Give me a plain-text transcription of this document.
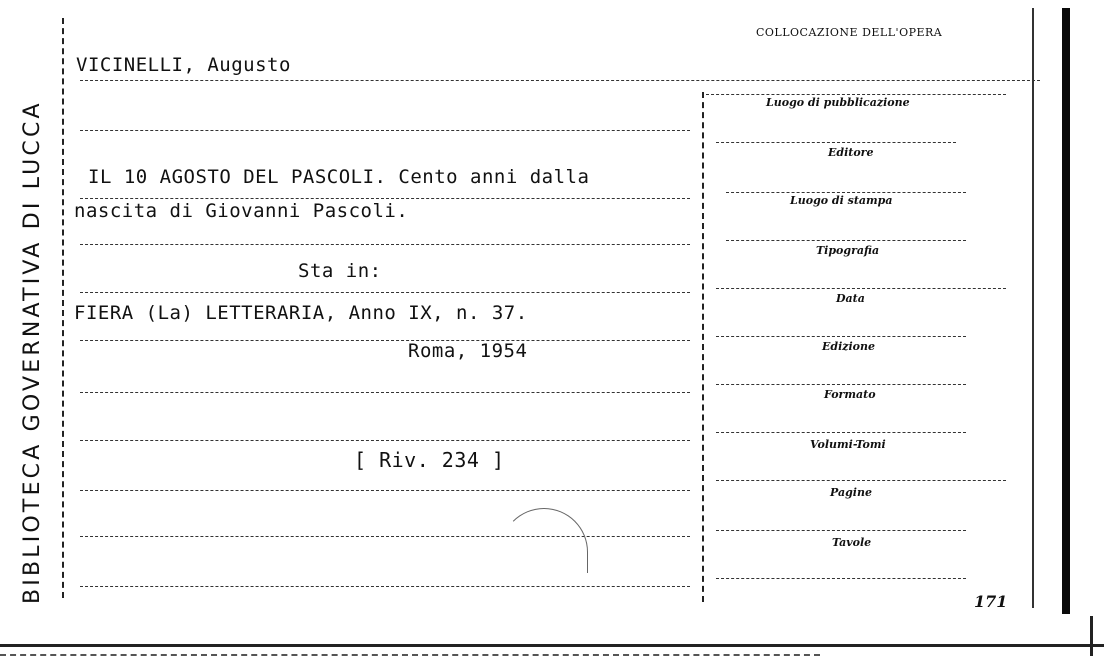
BIBLIOTECA GOVERNATIVA DI LUCCA
COLLOCAZIONE DELL'OPERA
VICINELLI, Augusto
IL 10 AGOSTO DEL PASCOLI. Cento anni dalla
nascita di Giovanni Pascoli.
Sta in:
FIERA (La) LETTERARIA, Anno IX, n. 37.
Roma, 1954
[ Riv. 234 ]
Luogo di pubblicazione
Editore
Luogo di stampa
Tipografia
Data
Edizione
Formato
Volumi-Tomi
Pagine
Tavole
171
